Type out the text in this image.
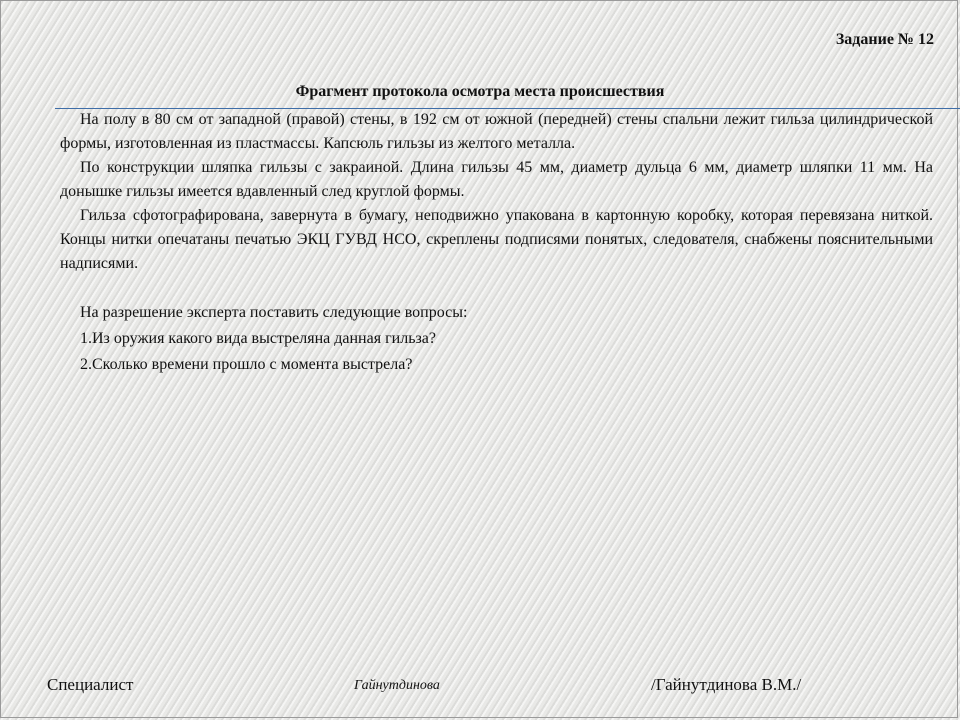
Задание № 12
Фрагмент протокола осмотра места происшествия

На полу в 80 см от западной (правой) стены, в 192 см от южной (передней) стены спальни лежит гильза цилиндрической формы, изготовленная из пластмассы. Капсюль гильзы из желтого металла.

По конструкции шляпка гильзы с закраиной. Длина гильзы 45 мм, диаметр дульца 6 мм, диаметр шляпки 11 мм. На донышке гильзы имеется вдавленный след круглой формы.

Гильза сфотографирована, завернута в бумагу, неподвижно упакована в картонную коробку, которая перевязана ниткой. Концы нитки опечатаны печатью ЭКЦ ГУВД НСО, скреплены подписями понятых, следователя, снабжены пояснительными надписями.

На разрешение эксперта поставить следующие вопросы:
1.Из оружия какого вида выстреляна данная гильза?
2.Сколько времени прошло с момента выстрела?
Специалист	Гайнутдинова	/Гайнутдинова В.М./
